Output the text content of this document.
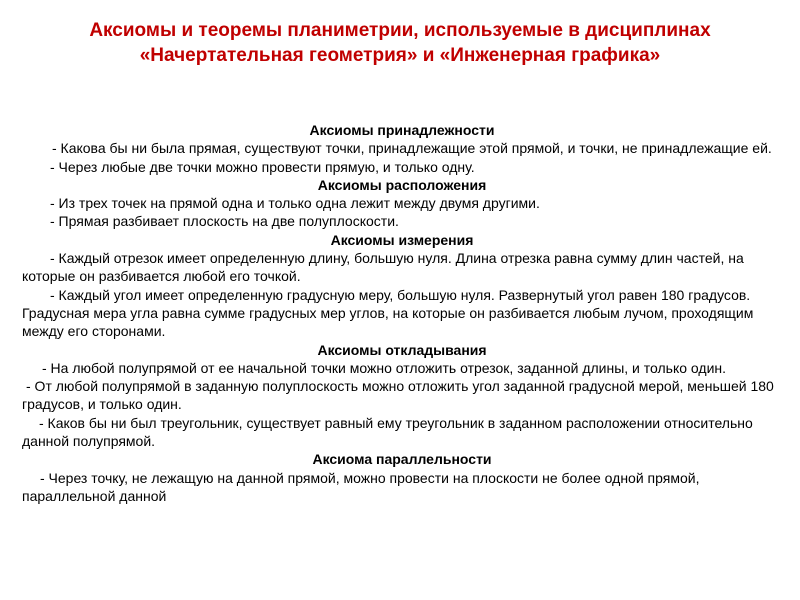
Аксиомы и теоремы планиметрии, используемые в дисциплинах
«Начертательная геометрия» и «Инженерная графика»

Аксиомы принадлежности

- Какова бы ни была прямая, существуют точки, принадлежащие этой прямой, и точки, не принадлежащие ей.

- Через любые две точки можно провести прямую, и только одну.

Аксиомы расположения

- Из трех точек на прямой одна и только одна лежит между двумя другими.

- Прямая разбивает плоскость на две полуплоскости.

Аксиомы измерения

- Каждый отрезок имеет определенную длину, большую нуля. Длина отрезка равна сумму длин частей, на которые он разбивается любой его точкой.

- Каждый угол имеет определенную градусную меру, большую нуля. Развернутый угол равен 180 градусов. Градусная мера угла равна сумме градусных мер углов, на которые он разбивается любым лучом, проходящим между его сторонами.

Аксиомы откладывания

- На любой полупрямой от ее начальной точки можно отложить отрезок, заданной длины, и только один.

- От любой полупрямой в заданную полуплоскость можно отложить угол заданной градусной мерой, меньшей 180 градусов, и только один.

- Каков бы ни был треугольник, существует равный ему треугольник в заданном расположении относительно данной полупрямой.

Аксиома параллельности

- Через точку, не лежащую на данной прямой, можно провести на плоскости не более одной прямой, параллельной данной
